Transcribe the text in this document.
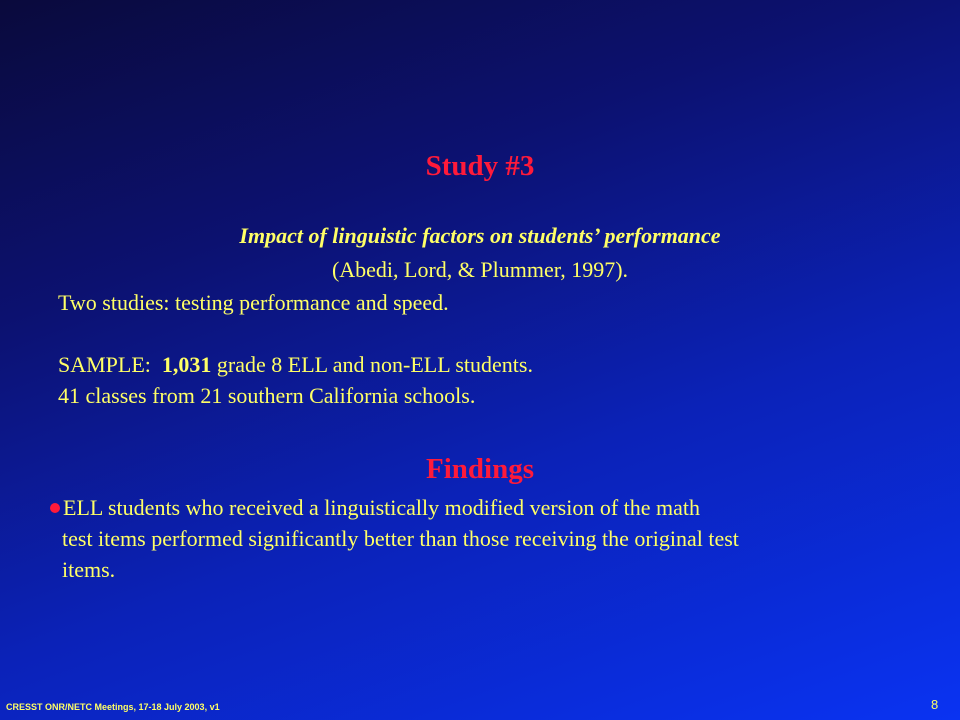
Study #3
Impact of linguistic factors on students’ performance
(Abedi, Lord, & Plummer, 1997).
Two studies: testing performance and speed.
SAMPLE:  1,031 grade 8 ELL and non-ELL students.
41 classes from 21 southern California schools.
Findings
ELL students who received a linguistically modified version of the math
test items performed significantly better than those receiving the original test
items.
CRESST ONR/NETC Meetings, 17-18 July 2003, v1	8
